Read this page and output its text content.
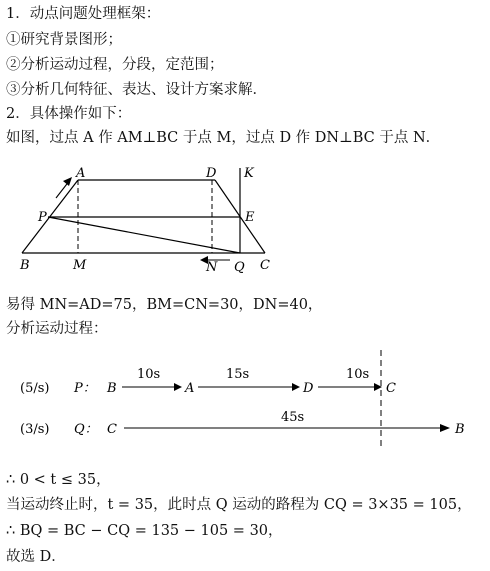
1．动点问题处理框架：
①研究背景图形；
②分析运动过程，分段，定范围；
③分析几何特征、表达、设计方案求解．
2．具体操作如下：
如图，过点 A 作 AM⊥BC 于点 M，过点 D 作 DN⊥BC 于点 N．
A	D K
P	E
B	M	N Q C
易得 MN=AD=75，BM=CN=30，DN=40，
分析运动过程：
(5/s) P： B
10s
A
15s
D
10s
C
(3/s) Q： C
45s
B
∴ 0 < t ≤ 35，
当运动终止时，t = 35，此时点 Q 运动的路程为 CQ = 3×35 = 105，
∴ BQ = BC − CQ = 135 − 105 = 30，
故选 D．
